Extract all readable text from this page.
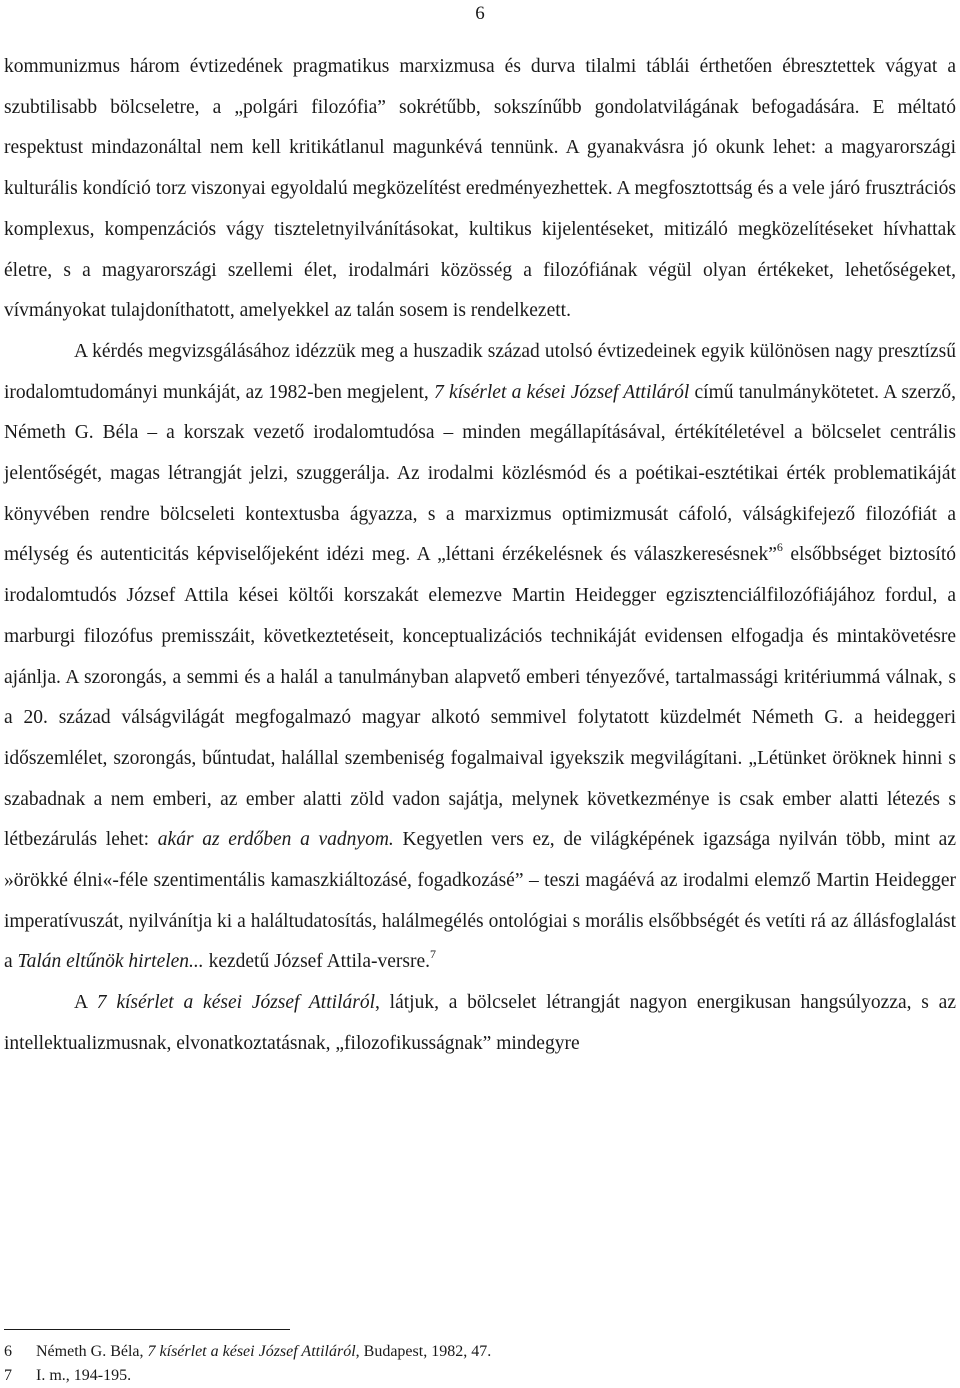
6

kommunizmus három évtizedének pragmatikus marxizmusa és durva tilalmi táblái érthetően ébresztettek vágyat a szubtilisabb bölcseletre, a „polgári filozófia” sokrétűbb, sokszínűbb gondolatvilágának befogadására. E méltató respektust mindazonáltal nem kell kritikátlanul magunkévá tennünk. A gyanakvásra jó okunk lehet: a magyarországi kulturális kondíció torz viszonyai egyoldalú megközelítést eredményezhettek. A megfosztottság és a vele járó frusztrációs komplexus, kompenzációs vágy tiszteletnyilvánításokat, kultikus kijelentéseket, mitizáló megközelítéseket hívhattak életre, s a magyarországi szellemi élet, irodalmári közösség a filozófiának végül olyan értékeket, lehetőségeket, vívmányokat tulajdoníthatott, amelyekkel az talán sosem is rendelkezett.

A kérdés megvizsgálásához idézzük meg a huszadik század utolsó évtizedeinek egyik különösen nagy presztízsű irodalomtudományi munkáját, az 1982-ben megjelent, 7 kísérlet a kései József Attiláról című tanulmánykötetet. A szerző, Németh G. Béla – a korszak vezető irodalomtudósa – minden megállapításával, értékítéletével a bölcselet centrális jelentőségét, magas létrangját jelzi, szuggerálja. Az irodalmi közlésmód és a poétikai-esztétikai érték problematikáját könyvében rendre bölcseleti kontextusba ágyazza, s a marxizmus optimizmusát cáfoló, válságkifejező filozófiát a mélység és autenticitás képviselőjeként idézi meg. A „léttani érzékelésnek és válaszkeresésnek”$^6$ elsőbbséget biztosító irodalomtudós József Attila kései költői korszakát elemezve Martin Heidegger egzisztenciálfilozófiájához fordul, a marburgi filozófus premisszáit, következtetéseit, konceptualizációs technikáját evidensen elfogadja és mintakövetésre ajánlja. A szorongás, a semmi és a halál a tanulmányban alapvető emberi tényezővé, tartalmassági kritériummá válnak, s a 20. század válságvilágát megfogalmazó magyar alkotó semmivel folytatott küzdelmét Németh G. a heideggeri időszemlélet, szorongás, bűntudat, halállal szembeniség fogalmaival igyekszik megvilágítani. „Létünket öröknek hinni s szabadnak a nem emberi, az ember alatti zöld vadon sajátja, melynek következménye is csak ember alatti létezés s létbezárulás lehet: akár az erdőben a vadnyom. Kegyetlen vers ez, de világképének igazsága nyilván több, mint az »örökké élni«-féle szentimentális kamaszkiáltozásé, fogadkozásé” – teszi magáévá az irodalmi elemző Martin Heidegger imperatívuszát, nyilvánítja ki a haláltudatosítás, halálmegélés ontológiai s morális elsőbbségét és vetíti rá az állásfoglalást a Talán eltűnök hirtelen... kezdetű József Attila-versre.$^7$

A 7 kísérlet a kései József Attiláról, látjuk, a bölcselet létrangját nagyon energikusan hangsúlyozza, s az intellektualizmusnak, elvonatkoztatásnak, „filozofikusságnak” mindegyre

6	Németh G. Béla, 7 kísérlet a kései József Attiláról, Budapest, 1982, 47.

7	I. m., 194-195.
